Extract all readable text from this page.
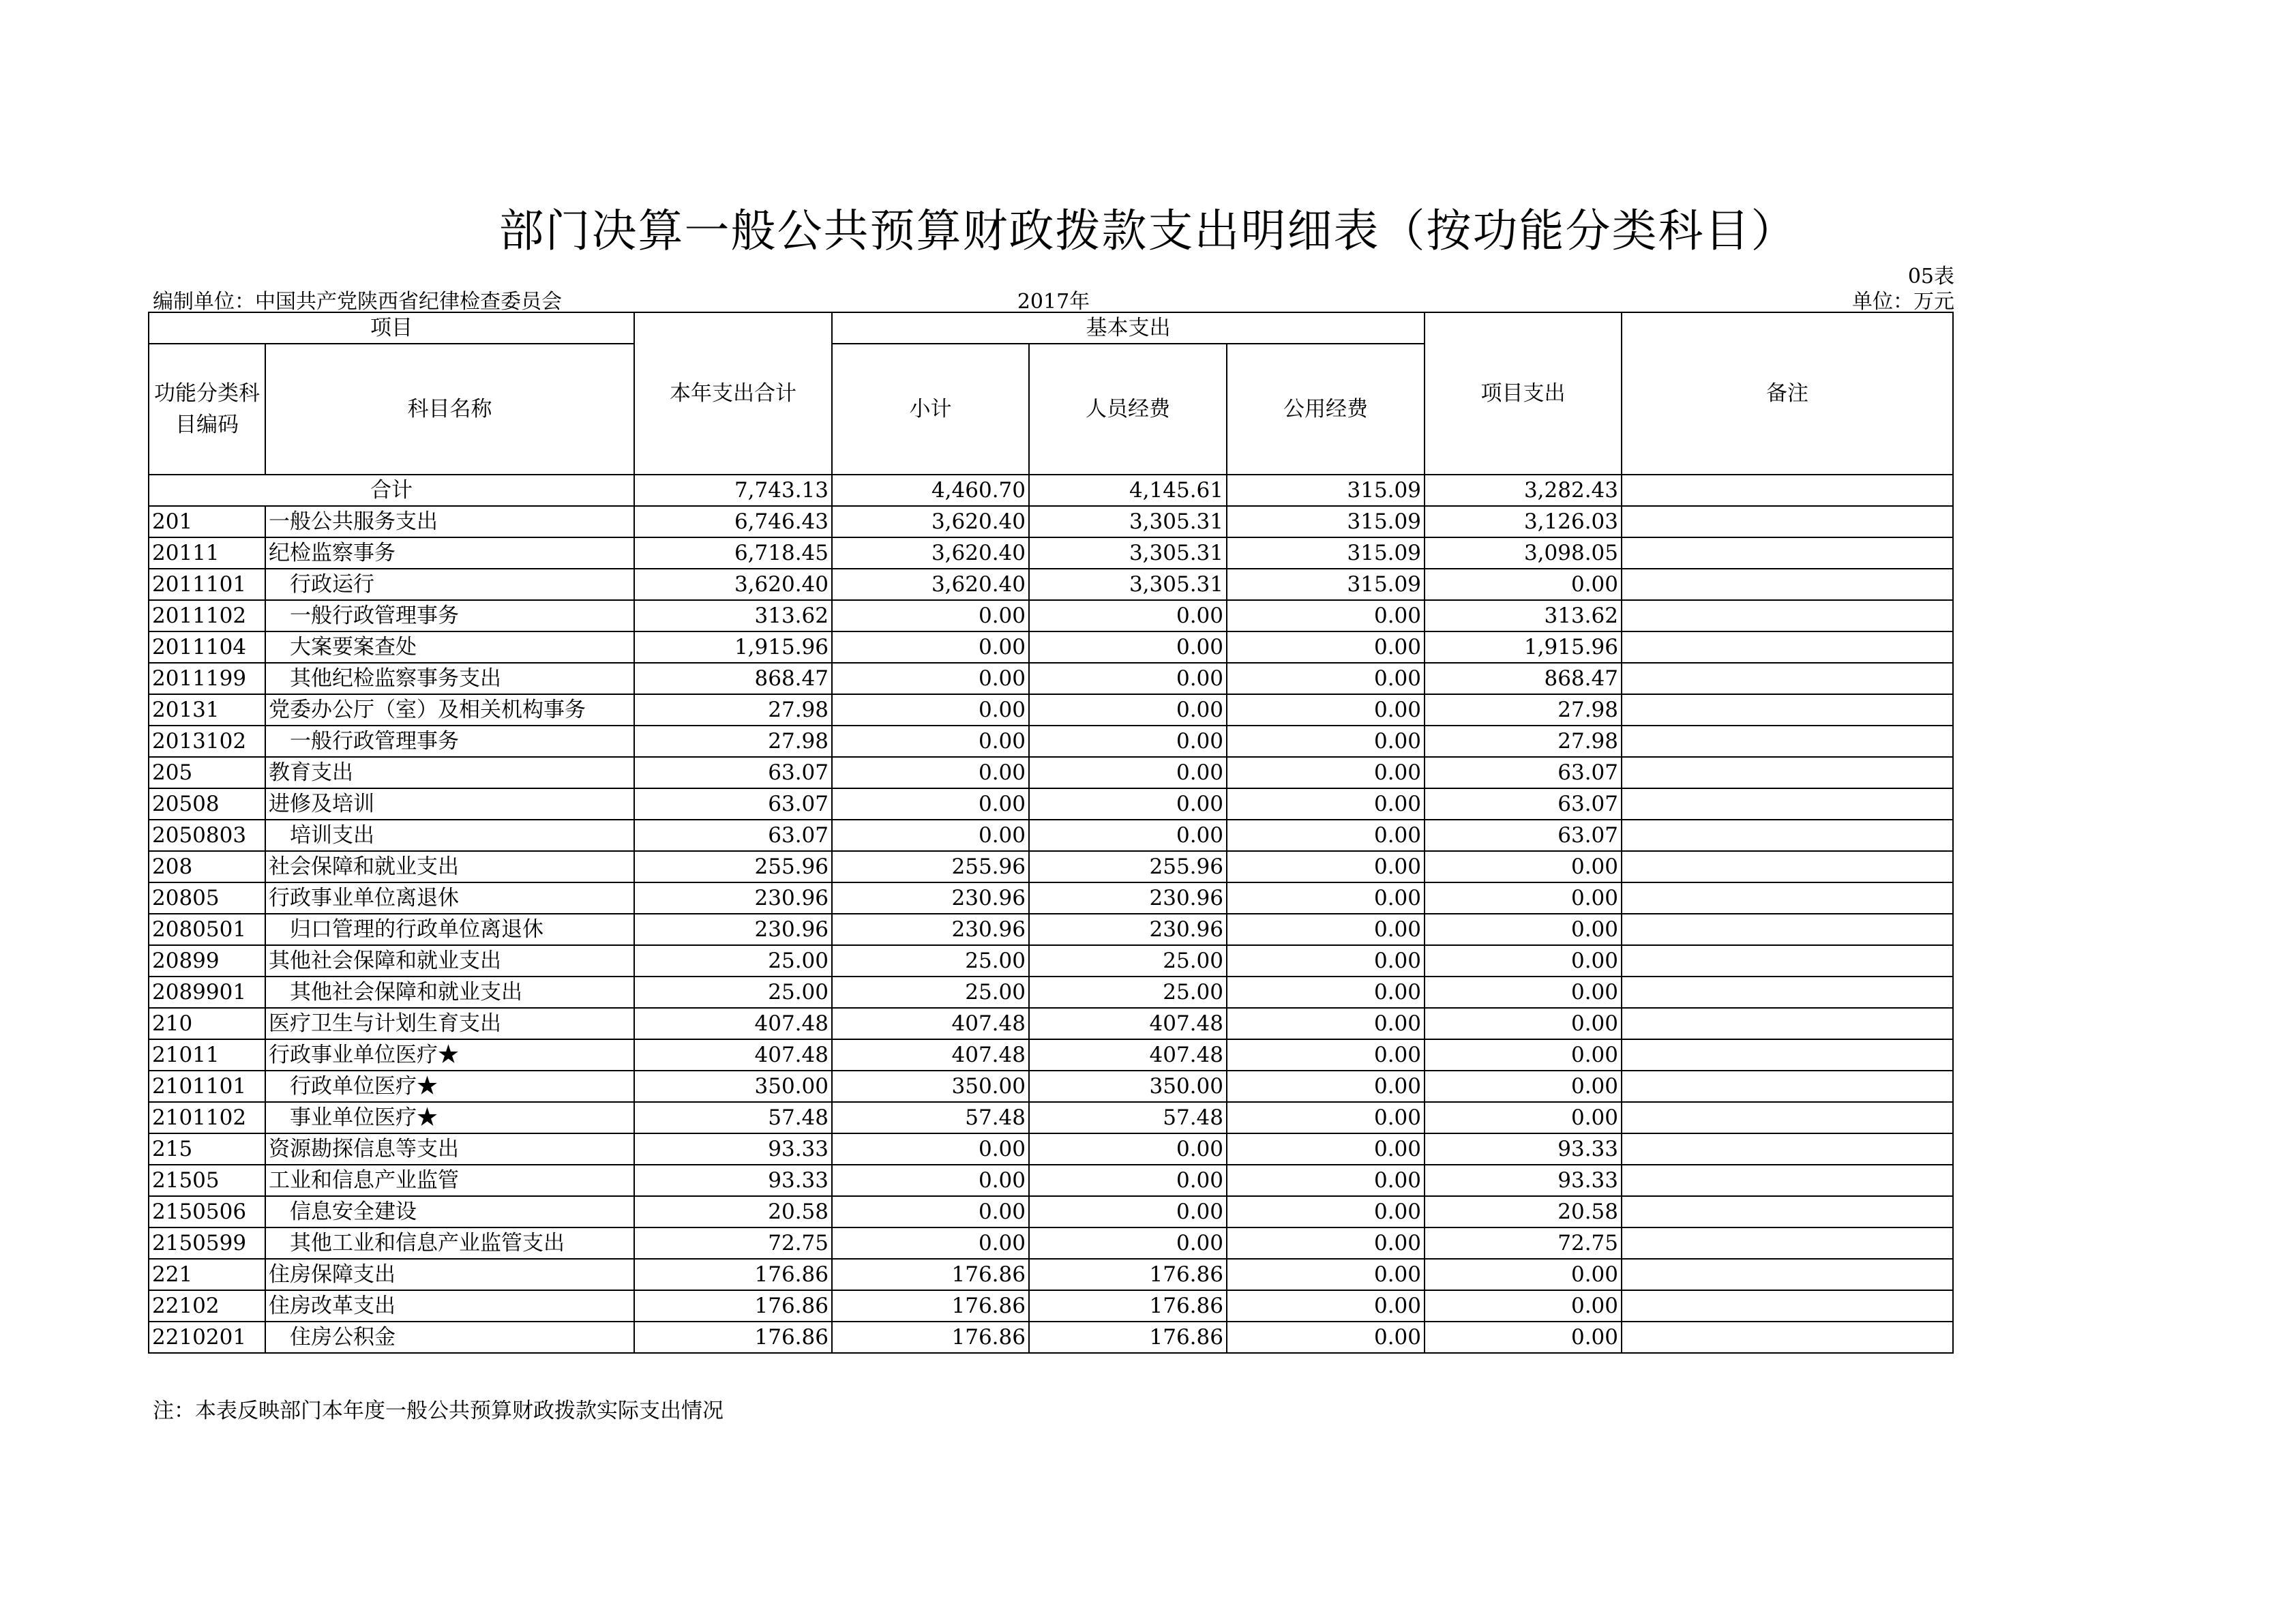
部门决算一般公共预算财政拨款支出明细表（按功能分类科目）
05表
编制单位：中国共产党陕西省纪律检查委员会	2017年	单位：万元
项目		本年支出合计	基本支出			项目支出	备注
功能分类科目编码	科目名称		小计	人员经费	公用经费		
合计		7,743.13	4,460.70	4,145.61	315.09	3,282.43	
201	一般公共服务支出	6,746.43	3,620.40	3,305.31	315.09	3,126.03	
20111	纪检监察事务	6,718.45	3,620.40	3,305.31	315.09	3,098.05	
2011101	　行政运行	3,620.40	3,620.40	3,305.31	315.09	0.00	
2011102	　一般行政管理事务	313.62	0.00	0.00	0.00	313.62	
2011104	　大案要案查处	1,915.96	0.00	0.00	0.00	1,915.96	
2011199	　其他纪检监察事务支出	868.47	0.00	0.00	0.00	868.47	
20131	党委办公厅（室）及相关机构事务	27.98	0.00	0.00	0.00	27.98	
2013102	　一般行政管理事务	27.98	0.00	0.00	0.00	27.98	
205	教育支出	63.07	0.00	0.00	0.00	63.07	
20508	进修及培训	63.07	0.00	0.00	0.00	63.07	
2050803	　培训支出	63.07	0.00	0.00	0.00	63.07	
208	社会保障和就业支出	255.96	255.96	255.96	0.00	0.00	
20805	行政事业单位离退休	230.96	230.96	230.96	0.00	0.00	
2080501	　归口管理的行政单位离退休	230.96	230.96	230.96	0.00	0.00	
20899	其他社会保障和就业支出	25.00	25.00	25.00	0.00	0.00	
2089901	　其他社会保障和就业支出	25.00	25.00	25.00	0.00	0.00	
210	医疗卫生与计划生育支出	407.48	407.48	407.48	0.00	0.00	
21011	行政事业单位医疗★	407.48	407.48	407.48	0.00	0.00	
2101101	　行政单位医疗★	350.00	350.00	350.00	0.00	0.00	
2101102	　事业单位医疗★	57.48	57.48	57.48	0.00	0.00	
215	资源勘探信息等支出	93.33	0.00	0.00	0.00	93.33	
21505	工业和信息产业监管	93.33	0.00	0.00	0.00	93.33	
2150506	　信息安全建设	20.58	0.00	0.00	0.00	20.58	
2150599	　其他工业和信息产业监管支出	72.75	0.00	0.00	0.00	72.75	
221	住房保障支出	176.86	176.86	176.86	0.00	0.00	
22102	住房改革支出	176.86	176.86	176.86	0.00	0.00	
2210201	　住房公积金	176.86	176.86	176.86	0.00	0.00	
注：本表反映部门本年度一般公共预算财政拨款实际支出情况
